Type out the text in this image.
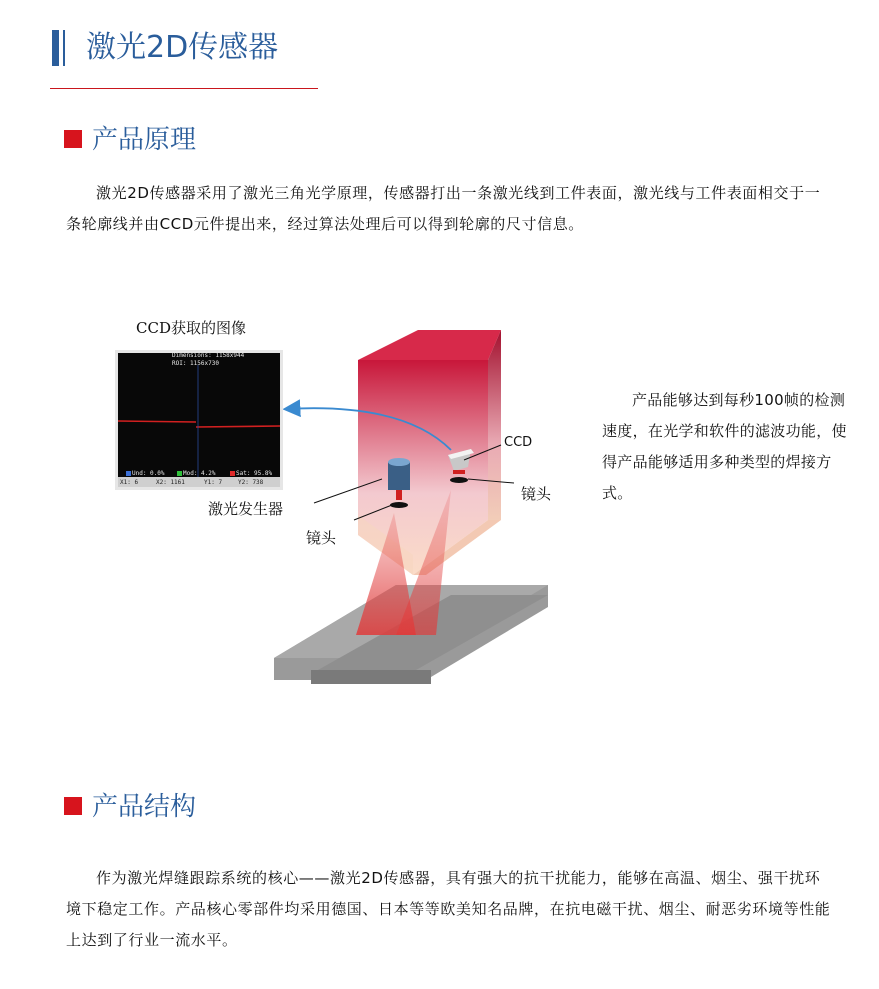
激光2D传感器
产品原理

激光2D传感器采用了激光三角光学原理，传感器打出一条激光线到工件表面，激光线与工件表面相交于一条轮廓线并由CCD元件提出来，经过算法处理后可以得到轮廓的尺寸信息。

CCD获取的图像
Dimensions: 1158x944
ROI: 1156x730
Und: 0.0%	Mod: 4.2%	Sat: 95.8%
X1: 6	X2: 1161	Y1: 7	Y2: 738
CCD
镜头
激光发生器
镜头

产品能够达到每秒100帧的检测速度，在光学和软件的滤波功能，使得产品能够适用多种类型的焊接方式。

产品结构

作为激光焊缝跟踪系统的核心——激光2D传感器，具有强大的抗干扰能力，能够在高温、烟尘、强干扰环境下稳定工作。产品核心零部件均采用德国、日本等等欧美知名品牌，在抗电磁干扰、烟尘、耐恶劣环境等性能上达到了行业一流水平。
